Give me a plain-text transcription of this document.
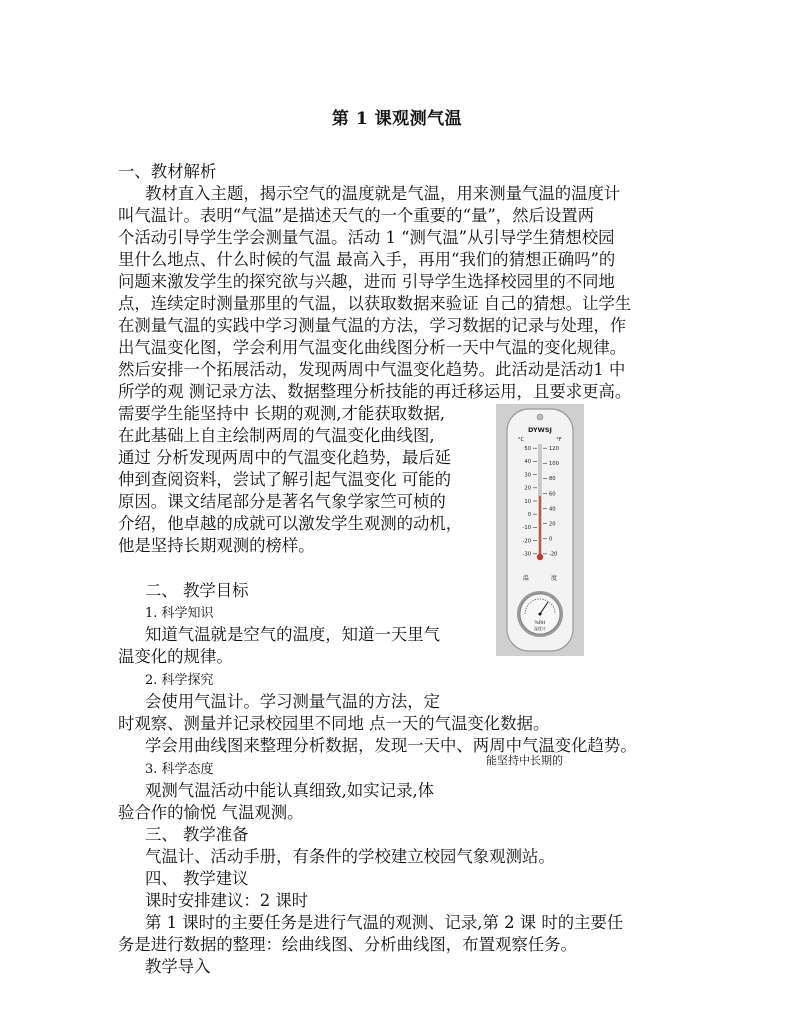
第 1 课观测气温
一、教材解析
教材直入主题，揭示空气的温度就是气温，用来测量气温的温度计
叫气温计。表明“气温”是描述天气的一个重要的“量”，然后设置两
个活动引导学生学会测量气温。活动 1 “测气温”从引导学生猜想校园
里什么地点、什么时候的气温 最高入手，再用“我们的猜想正确吗”的
问题来激发学生的探究欲与兴趣，进而 引导学生选择校园里的不同地
点，连续定时测量那里的气温，以获取数据来验证 自己的猜想。让学生
在测量气温的实践中学习测量气温的方法，学习数据的记录与处理，作
出气温变化图，学会利用气温变化曲线图分析一天中气温的变化规律。
然后安排一个拓展活动，发现两周中气温变化趋势。此活动是活动1 中
所学的观 测记录方法、数据整理分析技能的再迁移运用，且要求更高。
需要学生能坚持中 长期的观测,才能获取数据,
在此基础上自主绘制两周的气温变化曲线图,
通过 分析发现两周中的气温变化趋势，最后延
伸到查阅资料，尝试了解引起气温变化 可能的
原因。课文结尾部分是著名气象学家竺可桢的
介绍，他卓越的成就可以激发学生观测的动机，
他是坚持长期观测的榜样。
二、 教学目标
1. 科学知识
知道气温就是空气的温度，知道一天里气
温变化的规律。
2. 科学探究
会使用气温计。学习测量气温的方法，定
时观察、测量并记录校园里不同地 点一天的气温变化数据。
学会用曲线图来整理分析数据，发现一天中、两周中气温变化趋势。
3. 科学态度
观测气温活动中能认真细致,如实记录,体
验合作的愉悦 气温观测。
能坚持中长期的
三、 教学准备
气温计、活动手册，有条件的学校建立校园气象观测站。
四、 教学建议
课时安排建议：2 课时
第 1 课时的主要任务是进行气温的观测、记录,第 2 课 时的主要任
务是进行数据的整理：绘曲线图、分析曲线图，布置观察任务。
教学导入
DYWSJ
°C	°F
50
40
30
20
10
0
-10
-20
-30
120
100
80
60
40
20
0
-20
温	度
%RH
湿度计
